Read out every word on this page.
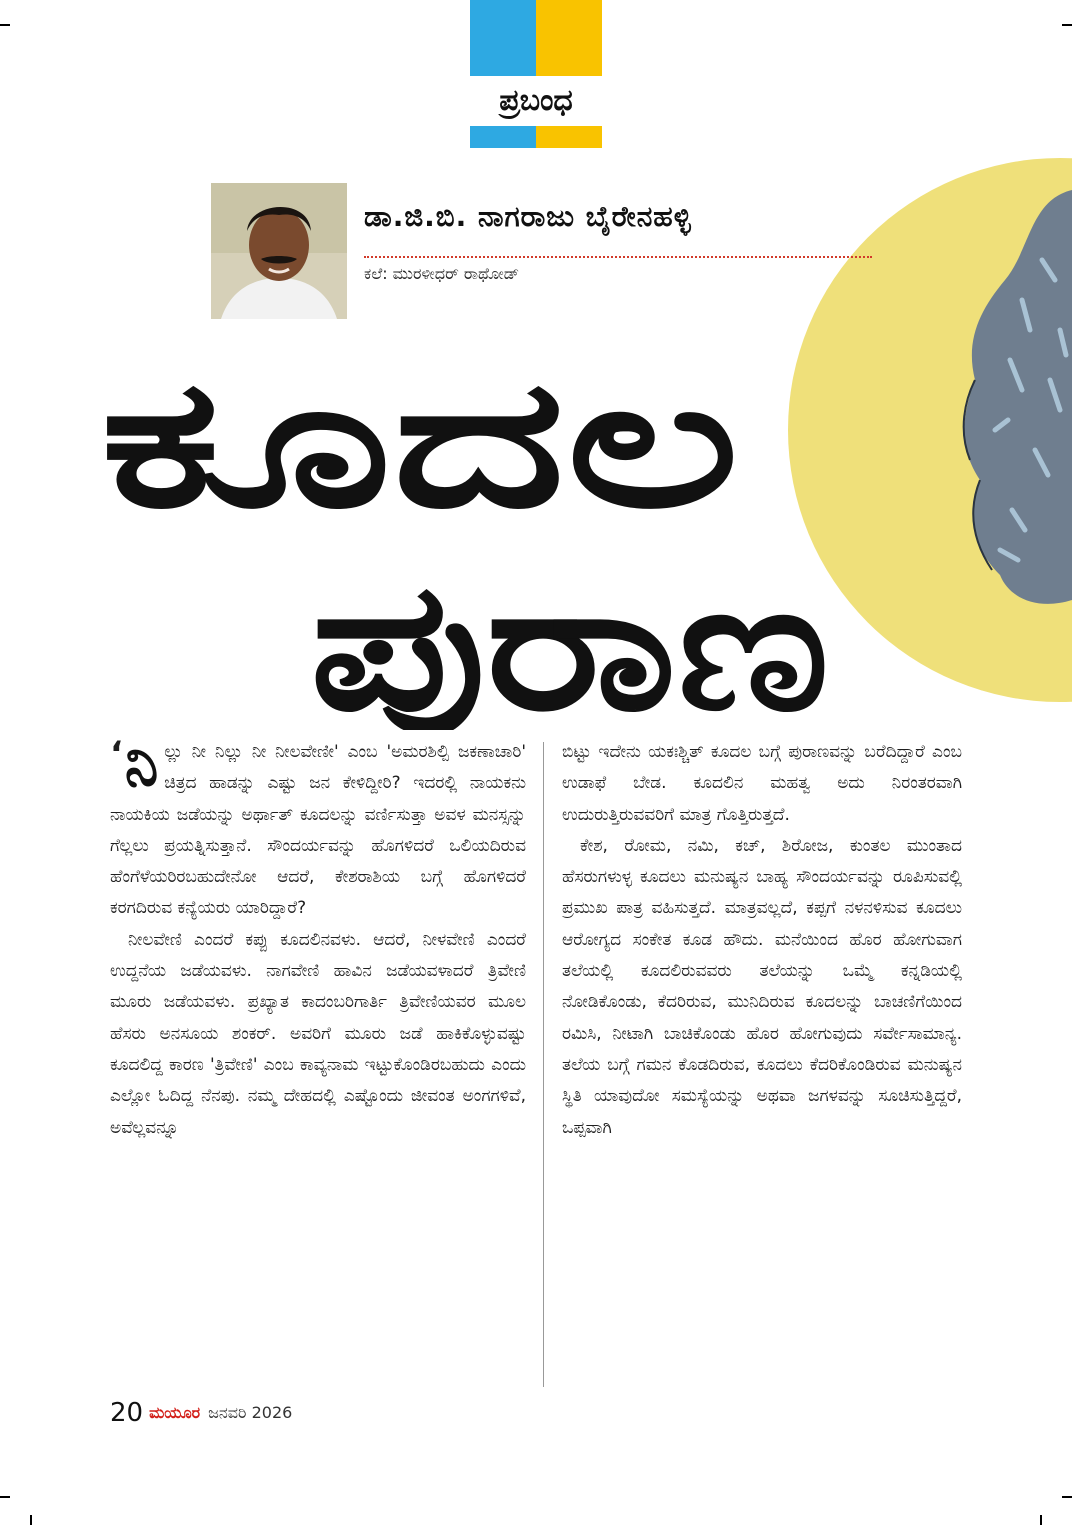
ಪ್ರಬಂಧ
ಡಾ.ಜಿ.ಬಿ. ನಾಗರಾಜು ಬೈರೇನಹಳ್ಳಿ
ಕಲೆ: ಮುರಳೀಧರ್ ರಾಥೋಡ್
ಕೂದಲ
ಪುರಾಣ

‘ ನಿ ಲ್ಲು ನೀ ನಿಲ್ಲು ನೀ ನೀಲವೇಣೀ' ಎಂಬ 'ಅಮರಶಿಲ್ಪಿ ಜಕಣಾಚಾರಿ' ಚಿತ್ರದ ಹಾಡನ್ನು ಎಷ್ಟು ಜನ ಕೇಳಿದ್ದೀರಿ? ಇದರಲ್ಲಿ ನಾಯಕನು ನಾಯಕಿಯ ಜಡೆಯನ್ನು ಅರ್ಥಾತ್ ಕೂದಲನ್ನು ವರ್ಣಿಸುತ್ತಾ ಅವಳ ಮನಸ್ಸನ್ನು ಗೆಲ್ಲಲು ಪ್ರಯತ್ನಿಸುತ್ತಾನೆ. ಸೌಂದರ್ಯವನ್ನು ಹೊಗಳಿದರೆ ಒಲಿಯದಿರುವ ಹೆಂಗೆಳೆಯರಿರಬಹುದೇನೋ ಆದರೆ, ಕೇಶರಾಶಿಯ ಬಗ್ಗೆ ಹೊಗಳಿದರೆ ಕರಗದಿರುವ ಕನ್ಯೆಯರು ಯಾರಿದ್ದಾರೆ?

ನೀಲವೇಣಿ ಎಂದರೆ ಕಪ್ಪು ಕೂದಲಿನವಳು. ಆದರೆ, ನೀಳವೇಣಿ ಎಂದರೆ ಉದ್ದನೆಯ ಜಡೆಯವಳು. ನಾಗವೇಣಿ ಹಾವಿನ ಜಡೆಯವಳಾದರೆ ತ್ರಿವೇಣಿ ಮೂರು ಜಡೆಯವಳು. ಪ್ರಖ್ಯಾತ ಕಾದಂಬರಿಗಾರ್ತಿ ತ್ರಿವೇಣಿಯವರ ಮೂಲ ಹೆಸರು ಅನಸೂಯ ಶಂಕರ್. ಅವರಿಗೆ ಮೂರು ಜಡೆ ಹಾಕಿಕೊಳ್ಳುವಷ್ಟು ಕೂದಲಿದ್ದ ಕಾರಣ 'ತ್ರಿವೇಣಿ' ಎಂಬ ಕಾವ್ಯನಾಮ ಇಟ್ಟುಕೊಂಡಿರಬಹುದು ಎಂದು ಎಲ್ಲೋ ಓದಿದ್ದ ನೆನಪು. ನಮ್ಮ ದೇಹದಲ್ಲಿ ಎಷ್ಟೊಂದು ಜೀವಂತ ಅಂಗಗಳಿವೆ, ಅವೆಲ್ಲವನ್ನೂ

ಬಿಟ್ಟು ಇದೇನು ಯಕಃಶ್ಚಿತ್ ಕೂದಲ ಬಗ್ಗೆ ಪುರಾಣವನ್ನು ಬರೆದಿದ್ದಾರೆ ಎಂಬ ಉಡಾಫೆ ಬೇಡ. ಕೂದಲಿನ ಮಹತ್ವ ಅದು ನಿರಂತರವಾಗಿ ಉದುರುತ್ತಿರುವವರಿಗೆ ಮಾತ್ರ ಗೊತ್ತಿರುತ್ತದೆ.

ಕೇಶ, ರೋಮ, ನಮಿ, ಕಚ್, ಶಿರೋಜ, ಕುಂತಲ ಮುಂತಾದ ಹೆಸರುಗಳುಳ್ಳ ಕೂದಲು ಮನುಷ್ಯನ ಬಾಹ್ಯ ಸೌಂದರ್ಯವನ್ನು ರೂಪಿಸುವಲ್ಲಿ ಪ್ರಮುಖ ಪಾತ್ರ ವಹಿಸುತ್ತದೆ. ಮಾತ್ರವಲ್ಲದೆ, ಕಪ್ಪಗೆ ನಳನಳಿಸುವ ಕೂದಲು ಆರೋಗ್ಯದ ಸಂಕೇತ ಕೂಡ ಹೌದು. ಮನೆಯಿಂದ ಹೊರ ಹೋಗುವಾಗ ತಲೆಯಲ್ಲಿ ಕೂದಲಿರುವವರು ತಲೆಯನ್ನು ಒಮ್ಮೆ ಕನ್ನಡಿಯಲ್ಲಿ ನೋಡಿಕೊಂಡು, ಕೆದರಿರುವ, ಮುನಿದಿರುವ ಕೂದಲನ್ನು ಬಾಚಣಿಗೆಯಿಂದ ರಮಿಸಿ, ನೀಟಾಗಿ ಬಾಚಿಕೊಂಡು ಹೊರ ಹೋಗುವುದು ಸರ್ವೇಸಾಮಾನ್ಯ. ತಲೆಯ ಬಗ್ಗೆ ಗಮನ ಕೊಡದಿರುವ, ಕೂದಲು ಕೆದರಿಕೊಂಡಿರುವ ಮನುಷ್ಯನ ಸ್ಥಿತಿ ಯಾವುದೋ ಸಮಸ್ಯೆಯನ್ನು ಅಥವಾ ಜಗಳವನ್ನು ಸೂಚಿಸುತ್ತಿದ್ದರೆ, ಒಪ್ಪವಾಗಿ

20 ಮಯೂರ ಜನವರಿ 2026
